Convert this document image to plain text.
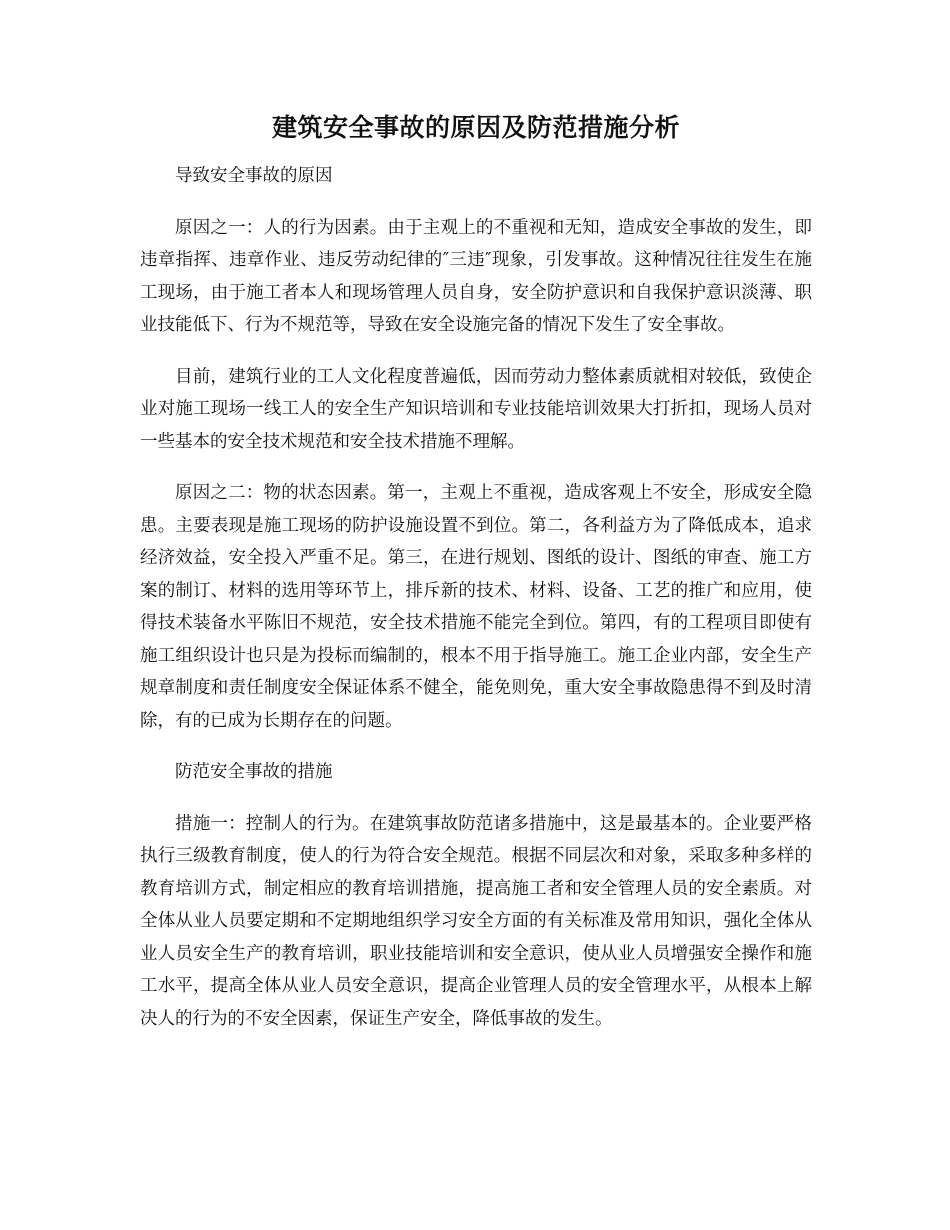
建筑安全事故的原因及防范措施分析

导致安全事故的原因

原因之一：人的行为因素。由于主观上的不重视和无知，造成安全事故的发生，即违章指挥、违章作业、违反劳动纪律的″三违″现象，引发事故。这种情况往往发生在施工现场，由于施工者本人和现场管理人员自身，安全防护意识和自我保护意识淡薄、职业技能低下、行为不规范等，导致在安全设施完备的情况下发生了安全事故。

目前，建筑行业的工人文化程度普遍低，因而劳动力整体素质就相对较低，致使企业对施工现场一线工人的安全生产知识培训和专业技能培训效果大打折扣，现场人员对一些基本的安全技术规范和安全技术措施不理解。

原因之二：物的状态因素。第一，主观上不重视，造成客观上不安全，形成安全隐患。主要表现是施工现场的防护设施设置不到位。第二，各利益方为了降低成本，追求经济效益，安全投入严重不足。第三，在进行规划、图纸的设计、图纸的审查、施工方案的制订、材料的选用等环节上，排斥新的技术、材料、设备、工艺的推广和应用，使得技术装备水平陈旧不规范，安全技术措施不能完全到位。第四，有的工程项目即使有施工组织设计也只是为投标而编制的，根本不用于指导施工。施工企业内部，安全生产规章制度和责任制度安全保证体系不健全，能免则免，重大安全事故隐患得不到及时清除，有的已成为长期存在的问题。

防范安全事故的措施

措施一：控制人的行为。在建筑事故防范诸多措施中，这是最基本的。企业要严格执行三级教育制度，使人的行为符合安全规范。根据不同层次和对象，采取多种多样的教育培训方式，制定相应的教育培训措施，提高施工者和安全管理人员的安全素质。对全体从业人员要定期和不定期地组织学习安全方面的有关标准及常用知识，强化全体从业人员安全生产的教育培训，职业技能培训和安全意识，使从业人员增强安全操作和施工水平，提高全体从业人员安全意识，提高企业管理人员的安全管理水平，从根本上解决人的行为的不安全因素，保证生产安全，降低事故的发生。
